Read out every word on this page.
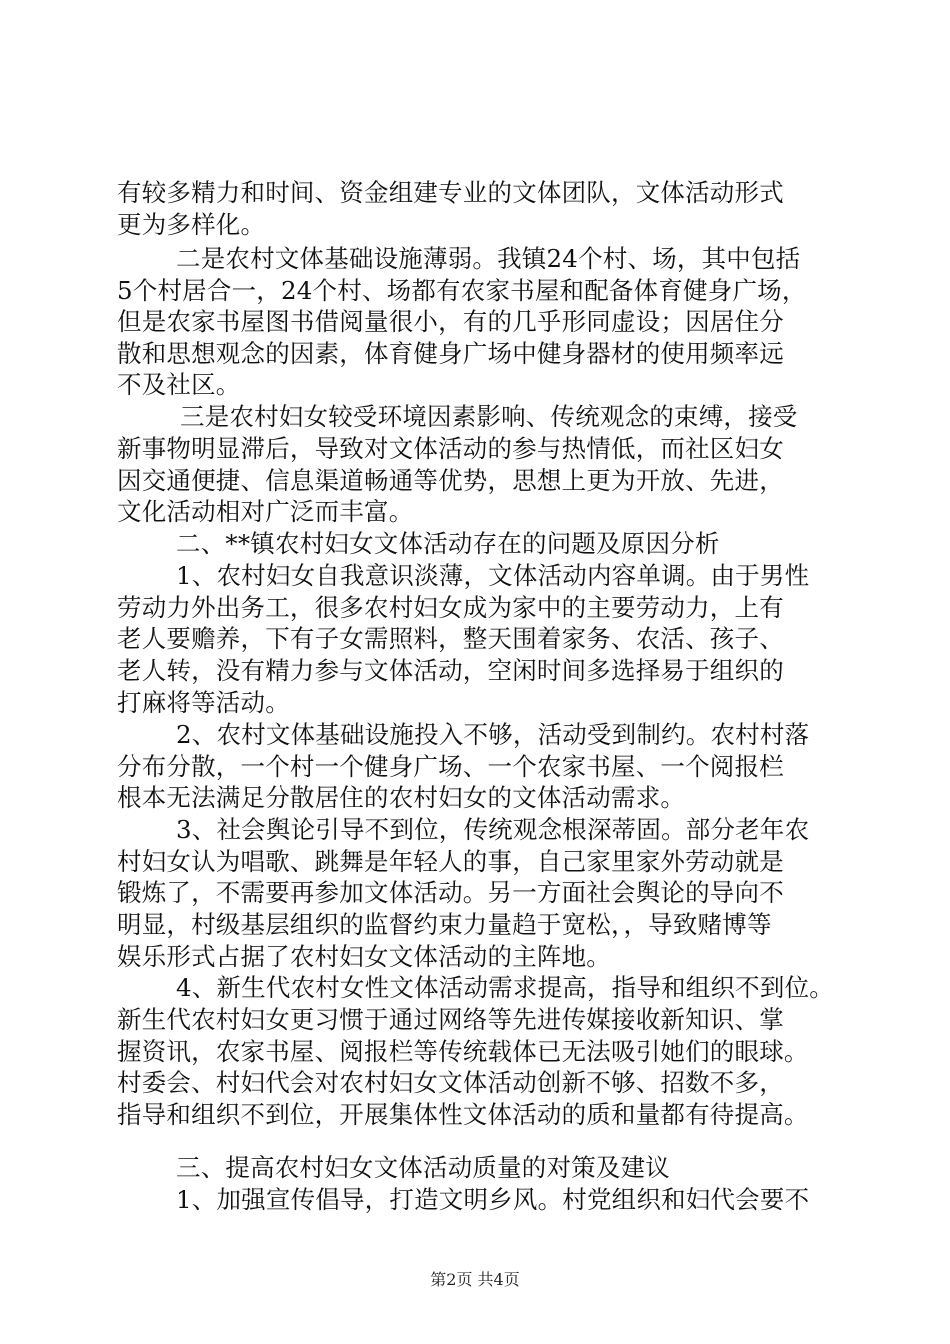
有较多精力和时间、资金组建专业的文体团队，文体活动形式
更为多样化。
二是农村文体基础设施薄弱。我镇24个村、场，其中包括
5个村居合一，24个村、场都有农家书屋和配备体育健身广场，
但是农家书屋图书借阅量很小，有的几乎形同虚设；因居住分
散和思想观念的因素，体育健身广场中健身器材的使用频率远
不及社区。
三是农村妇女较受环境因素影响、传统观念的束缚，接受
新事物明显滞后，导致对文体活动的参与热情低，而社区妇女
因交通便捷、信息渠道畅通等优势，思想上更为开放、先进，
文化活动相对广泛而丰富。
二、**镇农村妇女文体活动存在的问题及原因分析
1、农村妇女自我意识淡薄，文体活动内容单调。由于男性
劳动力外出务工，很多农村妇女成为家中的主要劳动力，上有
老人要赡养，下有子女需照料，整天围着家务、农活、孩子、
老人转，没有精力参与文体活动，空闲时间多选择易于组织的
打麻将等活动。
2、农村文体基础设施投入不够，活动受到制约。农村村落
分布分散，一个村一个健身广场、一个农家书屋、一个阅报栏
根本无法满足分散居住的农村妇女的文体活动需求。
3、社会舆论引导不到位，传统观念根深蒂固。部分老年农
村妇女认为唱歌、跳舞是年轻人的事，自己家里家外劳动就是
锻炼了，不需要再参加文体活动。另一方面社会舆论的导向不
明显，村级基层组织的监督约束力量趋于宽松，，导致赌博等
娱乐形式占据了农村妇女文体活动的主阵地。
4、新生代农村女性文体活动需求提高，指导和组织不到位。
新生代农村妇女更习惯于通过网络等先进传媒接收新知识、掌
握资讯，农家书屋、阅报栏等传统载体已无法吸引她们的眼球。
村委会、村妇代会对农村妇女文体活动创新不够、招数不多，
指导和组织不到位，开展集体性文体活动的质和量都有待提高。
三、提高农村妇女文体活动质量的对策及建议
1、加强宣传倡导，打造文明乡风。村党组织和妇代会要不
第2页 共4页
